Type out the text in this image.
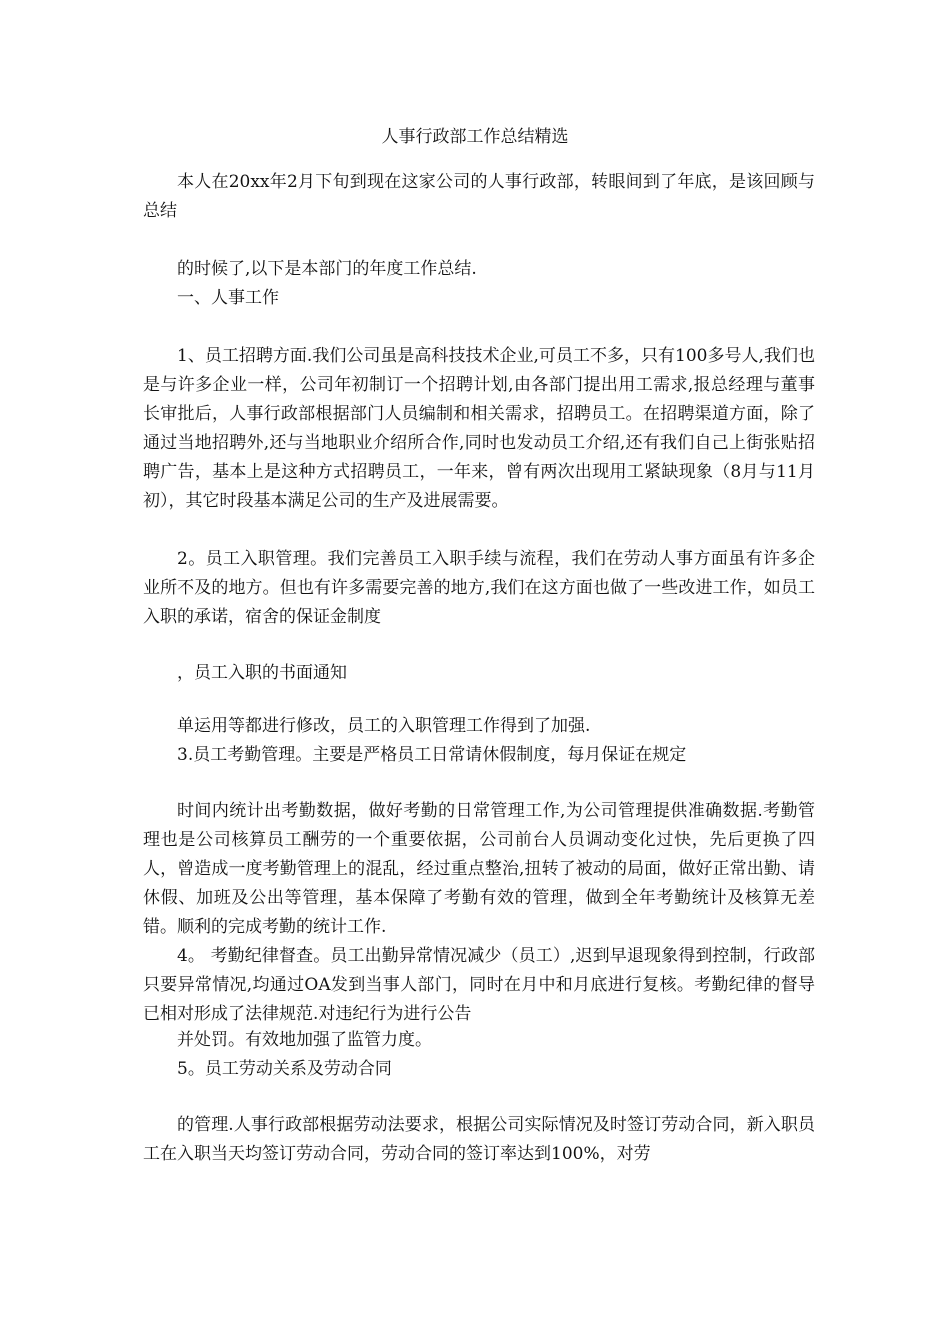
人事行政部工作总结精选

本人在20xx年2月下旬到现在这家公司的人事行政部，转眼间到了年底，是该回顾与总结

的时候了,以下是本部门的年度工作总结.

一、人事工作

1、员工招聘方面.我们公司虽是高科技技术企业,可员工不多，只有100多号人,我们也是与许多企业一样，公司年初制订一个招聘计划,由各部门提出用工需求,报总经理与董事长审批后，人事行政部根据部门人员编制和相关需求，招聘员工。在招聘渠道方面，除了通过当地招聘外,还与当地职业介绍所合作,同时也发动员工介绍,还有我们自己上街张贴招聘广告，基本上是这种方式招聘员工，一年来，曾有两次出现用工紧缺现象（8月与11月初），其它时段基本满足公司的生产及进展需要。

2。员工入职管理。我们完善员工入职手续与流程，我们在劳动人事方面虽有许多企业所不及的地方。但也有许多需要完善的地方,我们在这方面也做了一些改进工作，如员工入职的承诺，宿舍的保证金制度

，员工入职的书面通知

单运用等都进行修改，员工的入职管理工作得到了加强.

3.员工考勤管理。主要是严格员工日常请休假制度，每月保证在规定

时间内统计出考勤数据，做好考勤的日常管理工作,为公司管理提供准确数据.考勤管理也是公司核算员工酬劳的一个重要依据，公司前台人员调动变化过快，先后更换了四人，曾造成一度考勤管理上的混乱，经过重点整治,扭转了被动的局面，做好正常出勤、请休假、加班及公出等管理，基本保障了考勤有效的管理，做到全年考勤统计及核算无差错。顺利的完成考勤的统计工作.

4。 考勤纪律督查。员工出勤异常情况减少（员工）,迟到早退现象得到控制，行政部只要异常情况,均通过OA发到当事人部门，同时在月中和月底进行复核。考勤纪律的督导已相对形成了法律规范.对违纪行为进行公告

并处罚。有效地加强了监管力度。

5。员工劳动关系及劳动合同

的管理.人事行政部根据劳动法要求，根据公司实际情况及时签订劳动合同，新入职员工在入职当天均签订劳动合同，劳动合同的签订率达到100%，对劳
